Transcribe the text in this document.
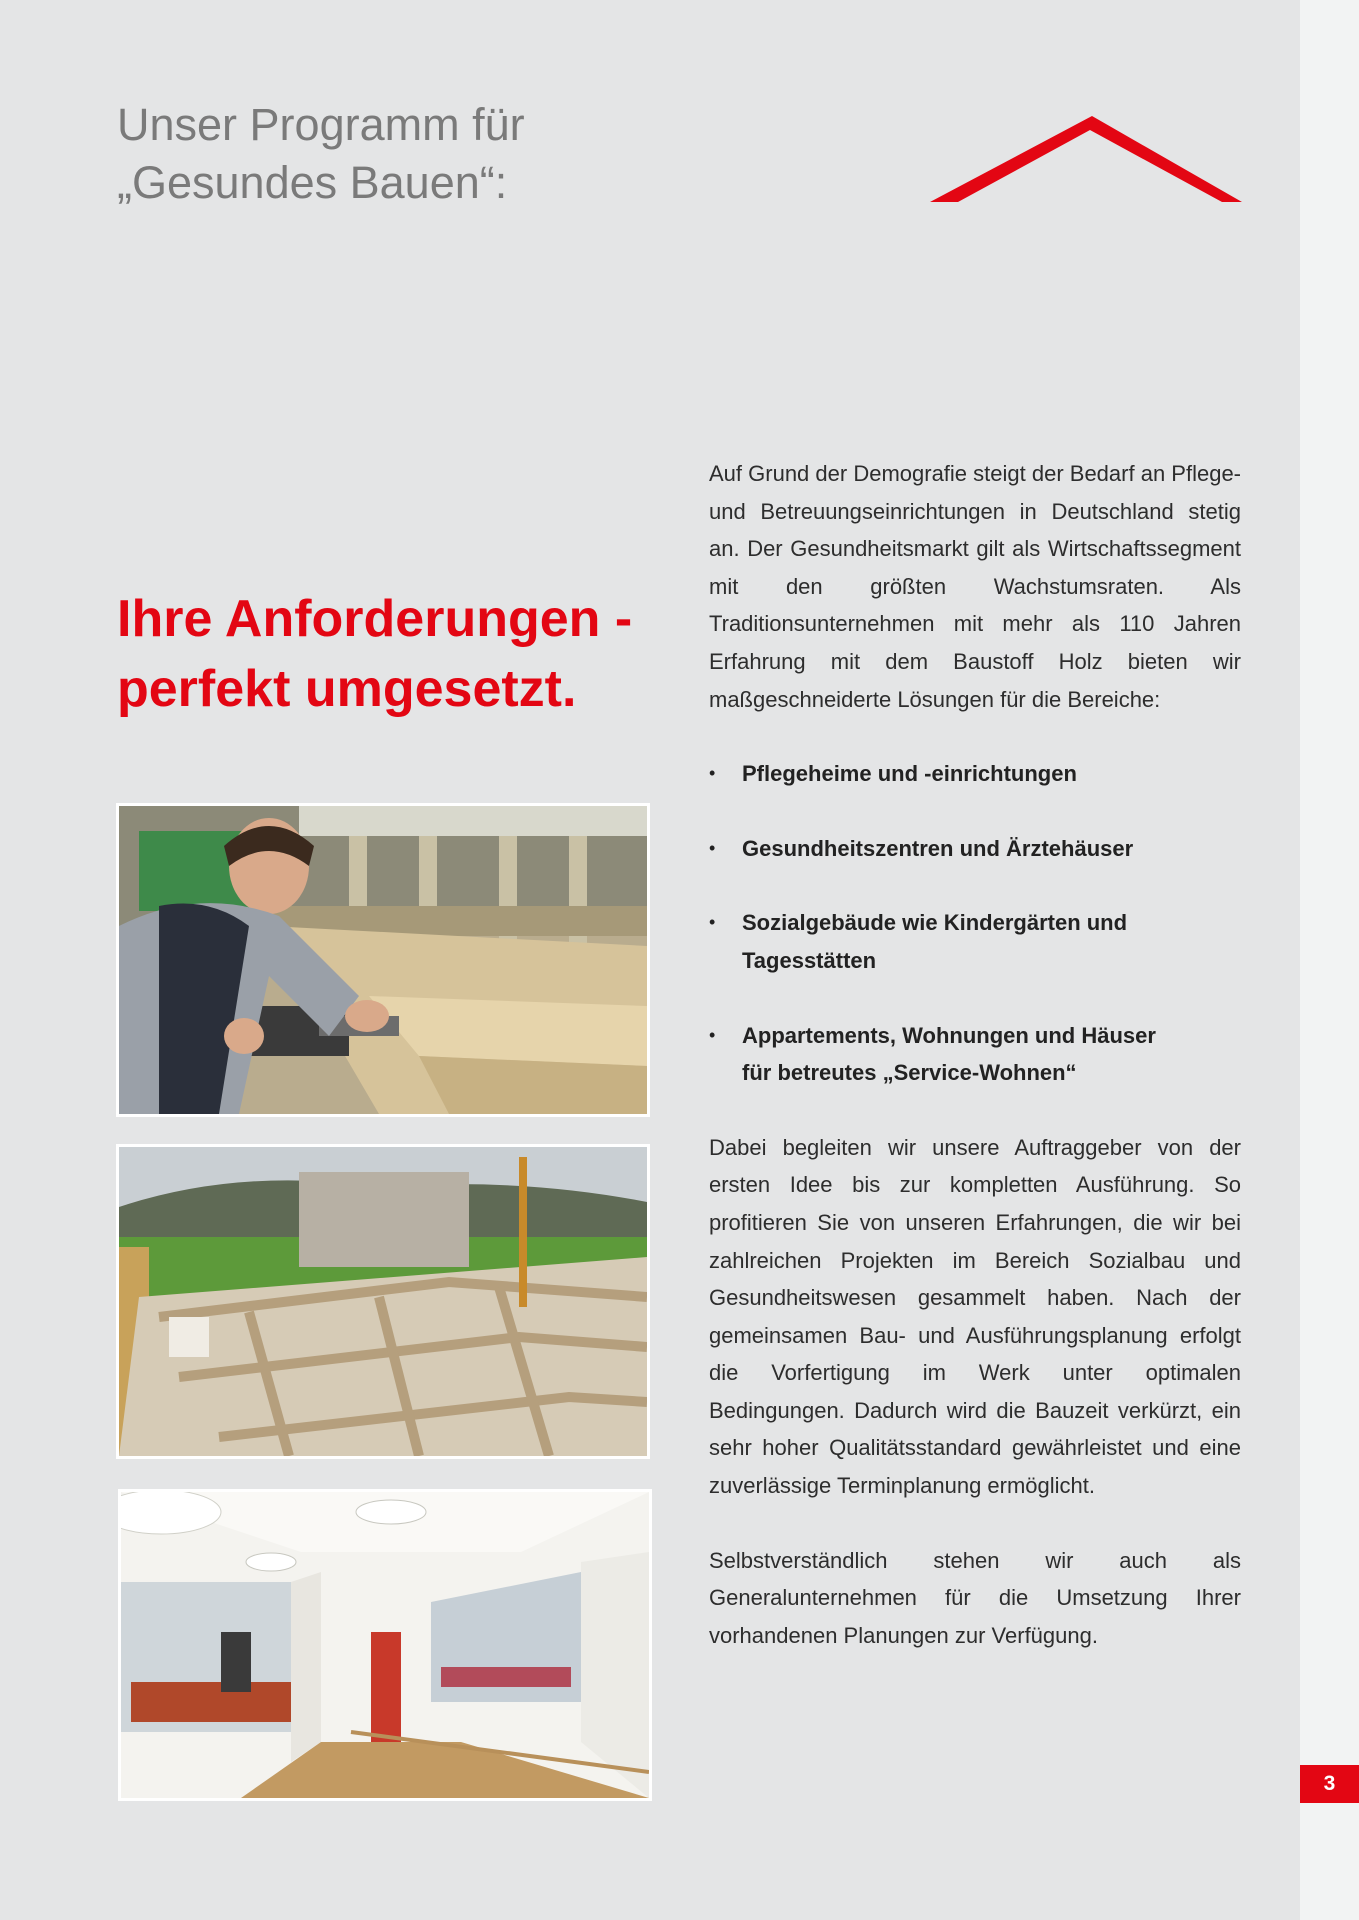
Unser Programm für
„Gesundes Bauen“:
Ihre Anforderungen -
perfekt umgesetzt.

Auf Grund der Demografie steigt der Bedarf an Pflege- und Betreuungseinrichtungen in Deutschland stetig an. Der Gesundheitsmarkt gilt als Wirtschaftssegment mit den größten Wachstumsraten. Als Traditionsunternehmen mit mehr als 110 Jahren Erfahrung mit dem Baustoff Holz bieten wir maßgeschneiderte Lösungen für die Bereiche:

• Pflegeheime und -einrichtungen
• Gesundheitszentren und Ärztehäuser
• Sozialgebäude wie Kindergärten und
Tagesstätten
• Appartements, Wohnungen und Häuser
für betreutes „Service-Wohnen“

Dabei begleiten wir unsere Auftraggeber von der ersten Idee bis zur kompletten Ausführung. So profitieren Sie von unseren Erfahrungen, die wir bei zahlreichen Projekten im Bereich Sozialbau und Gesundheitswesen gesammelt haben. Nach der gemeinsamen Bau- und Ausführungsplanung erfolgt die Vorfertigung im Werk unter optimalen Bedingungen. Dadurch wird die Bauzeit verkürzt, ein sehr hoher Qualitätsstandard gewährleistet und eine zuverlässige Terminplanung ermöglicht.

Selbstverständlich stehen wir auch als Generalunternehmen für die Umsetzung Ihrer vorhandenen Planungen zur Verfügung.

3
